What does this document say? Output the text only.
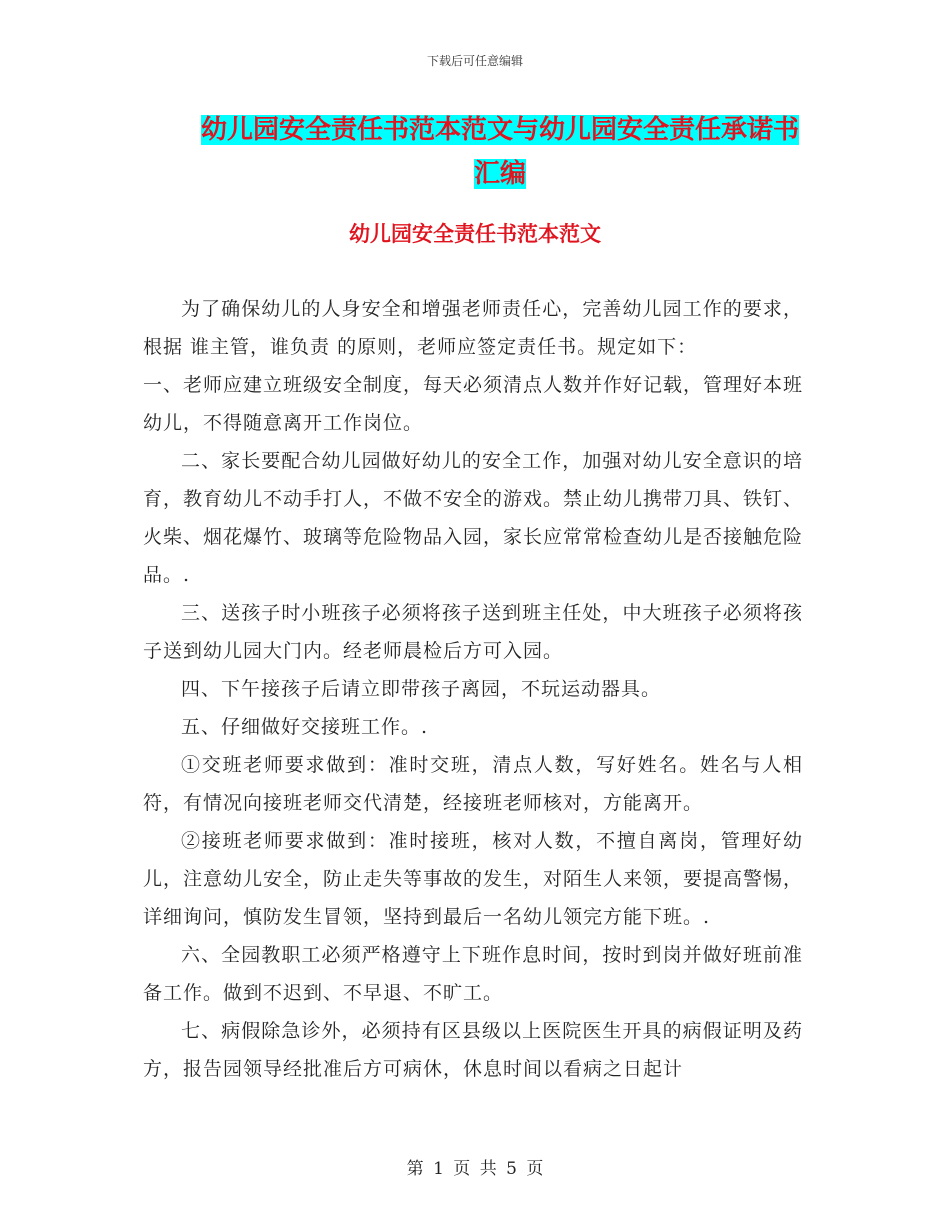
下载后可任意编辑
幼儿园安全责任书范本范文与幼儿园安全责任承诺书
汇编
幼儿园安全责任书范本范文

为了确保幼儿的人身安全和增强老师责任心，完善幼儿园工作的要求，根据 谁主管，谁负责 的原则，老师应签定责任书。规定如下：

一、老师应建立班级安全制度，每天必须清点人数并作好记载，管理好本班幼儿，不得随意离开工作岗位。

二、家长要配合幼儿园做好幼儿的安全工作，加强对幼儿安全意识的培育，教育幼儿不动手打人，不做不安全的游戏。禁止幼儿携带刀具、铁钉、火柴、烟花爆竹、玻璃等危险物品入园，家长应常常检查幼儿是否接触危险品。.

三、送孩子时小班孩子必须将孩子送到班主任处，中大班孩子必须将孩子送到幼儿园大门内。经老师晨检后方可入园。

四、下午接孩子后请立即带孩子离园，不玩运动器具。

五、仔细做好交接班工作。.

①交班老师要求做到：准时交班，清点人数，写好姓名。姓名与人相符，有情况向接班老师交代清楚，经接班老师核对，方能离开。

②接班老师要求做到：准时接班，核对人数，不擅自离岗，管理好幼儿，注意幼儿安全，防止走失等事故的发生，对陌生人来领，要提高警惕，详细询问，慎防发生冒领，坚持到最后一名幼儿领完方能下班。.

六、全园教职工必须严格遵守上下班作息时间，按时到岗并做好班前准备工作。做到不迟到、不早退、不旷工。

七、病假除急诊外，必须持有区县级以上医院医生开具的病假证明及药方，报告园领导经批准后方可病休，休息时间以看病之日起计

第 1 页 共 5 页
